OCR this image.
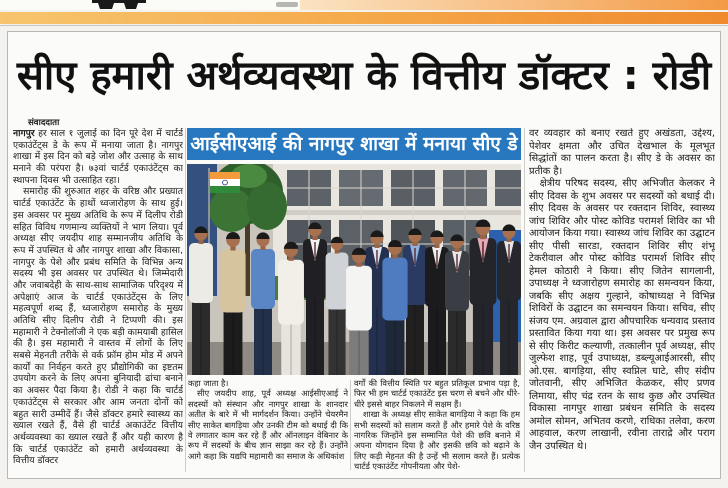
सीए हमारी अर्थव्यवस्था के वित्तीय डॉक्टर : रोडी
संवाददाता

नागपुर हर साल १ जुलाई का दिन पूरे देश में चार्टर्ड एकाउंटेंट्स डे के रूप में मनाया जाता है। नागपुर शाखा में इस दिन को बड़े जोश और उत्साह के साथ मनाने की परंपरा है। ७३वां चार्टर्ड एकाउंटेंट्स का स्थापना दिवस भी उत्साहित रहा।

समारोह की शुरुआत शहर के वरिष्ठ और प्रख्यात चार्टर्ड एकाउंटेंट के हाथों ध्वजारोहण के साथ हुई। इस अवसर पर मुख्य अतिथि के रूप में दिलीप रोडी सहित विविध गणमान्य व्यक्तियों ने भाग लिया। पूर्व अध्यक्ष सीए जयदीप शाह सम्मानजीय अतिथि के रूप में उपस्थित थे और नागपुर शाखा और विकासा, नागपुर के पेशे और प्रबंध समिति के विभिन्न अन्य सदस्य भी इस अवसर पर उपस्थित थे। जिम्मेदारी और जवाबदेही के साथ-साथ सामाजिक परिदृश्य में अपेक्षाएं आज के चार्टर्ड एकाउंटेंट्स के लिए महत्वपूर्ण शब्द हैं, ध्वजारोहण समारोह के मुख्य अतिथि सीए दिलीप रोडी ने टिप्पणी की। इस महामारी ने टेक्नोलॉजी ने एक बड़ी कामयाबी हासिल की है। इस महामारी ने वास्तव में लोगों के लिए सबसे मेहनती तरीके से वर्क फ्रॉम होम मोड में अपने कार्यों का निर्वहन करते हुए प्रौद्योगिकी का इष्टतम उपयोग करने के लिए अपना बुनियादी ढांचा बनाने का अवसर पैदा किया है। रोडी ने कहा कि चार्टर्ड एकाउंटेंट्स से सरकार और आम जनता दोनों को बहुत सारी उम्मीदें हैं। जैसे डॉक्टर हमारे स्वास्थ्य का ख्याल रखते हैं, वैसे ही चार्टर्ड अकाउंटेंट वित्तीय अर्थव्यवस्था का ख्याल रखते हैं और यही कारण है कि चार्टर्ड एकाउंटेंट को हमारी अर्थव्यवस्था के वित्तीय डॉक्टर

आईसीएआई की नागपुर शाखा में मनाया सीए डे

कहा जाता है।

सीए जयदीप शाह, पूर्व अध्यक्ष आईसीएआई ने सदस्यों को संस्थान और नागपुर शाखा के शानदार अतीत के बारे में भी मार्गदर्शन किया। उन्होंने चेयरमैन सीए साकेत बागड़िया और उनकी टीम को बधाई दी कि वे लगातार काम कर रहे हैं और ऑनलाइन वेबिनार के रूप में सदस्यों के बीच ज्ञान साझा कर रहे हैं। उन्होंने आगे कहा कि यद्यपि महामारी का समाज के अधिकांश

वर्गों की वित्तीय स्थिति पर बहुत प्रतिकूल प्रभाव पड़ा है, फिर भी हम चार्टर्ड एकाउंटेंट इस चरण से बचने और धीरे-धीरे इससे बाहर निकलने में सक्षम हैं।

शाखा के अध्यक्ष सीए साकेत बागड़िया ने कहा कि हम सभी सदस्यों को सलाम करते हैं और हमारे पेशे के वरिष्ठ नागरिक जिन्होंने इस सम्मानित पेशे की छवि बनाने में अपना योगदान दिया है और इसकी छवि को बढ़ाने के लिए कड़ी मेहनत की है उन्हें भी सलाम करते हैं। प्रत्येक चार्टर्ड एकाउंटेंट गोपनीयता और पेशे-

वर व्यवहार को बनाए रखते हुए अखंडता, उद्देश्य, पेशेवर क्षमता और उचित देखभाल के मूलभूत सिद्धांतों का पालन करता है। सीए डे के अवसर का प्रतीक है।

क्षेत्रीय परिषद सदस्य, सीए अभिजीत केलकर ने सीए दिवस के शुभ अवसर पर सदस्यों को बधाई दी। सीए दिवस के अवसर पर रक्तदान शिविर, स्वास्थ्य जांच शिविर और पोस्ट कोविड परामर्श शिविर का भी आयोजन किया गया। स्वास्थ्य जांच शिविर का उद्घाटन सीए पीसी सारडा, रक्तदान शिविर सीए शंभू टेकरीवाल और पोस्ट कोविड परामर्श शिविर सीए हेमल कोठारी ने किया। सीए जितेन सागलानी, उपाध्यक्ष ने ध्वजारोहण समारोह का समन्वयन किया, जबकि सीए अक्षय गुल्हाने, कोषाध्यक्ष ने विभिन्न शिविरों के उद्घाटन का समन्वयन किया। सचिव, सीए संजय एम. अग्रवाल द्वारा औपचारिक धन्यवाद प्रस्ताव प्रस्तावित किया गया था। इस अवसर पर प्रमुख रूप से सीए किरीट कल्याणी, तत्कालीन पूर्व अध्यक्ष, सीए जुल्फेश शाह, पूर्व उपाध्यक्ष, डब्ल्यूआईआरसी, सीए ओ.एस. बागड़िया, सीए स्वप्निल घाटे, सीए संदीप जोतवानी, सीए अभिजित केळकर, सीए प्रणव लिमाया, सीए चंद्र रतन के साथ कुछ और उपस्थित विकासा नागपुर शाखा प्रबंधन समिति के सदस्य अमोल सोमन, अभितव करणे, राधिका तलेवा, करण आहवाल, करण लाखानी, रवीना ताराद्रे और पराग जैन उपस्थित थे।
